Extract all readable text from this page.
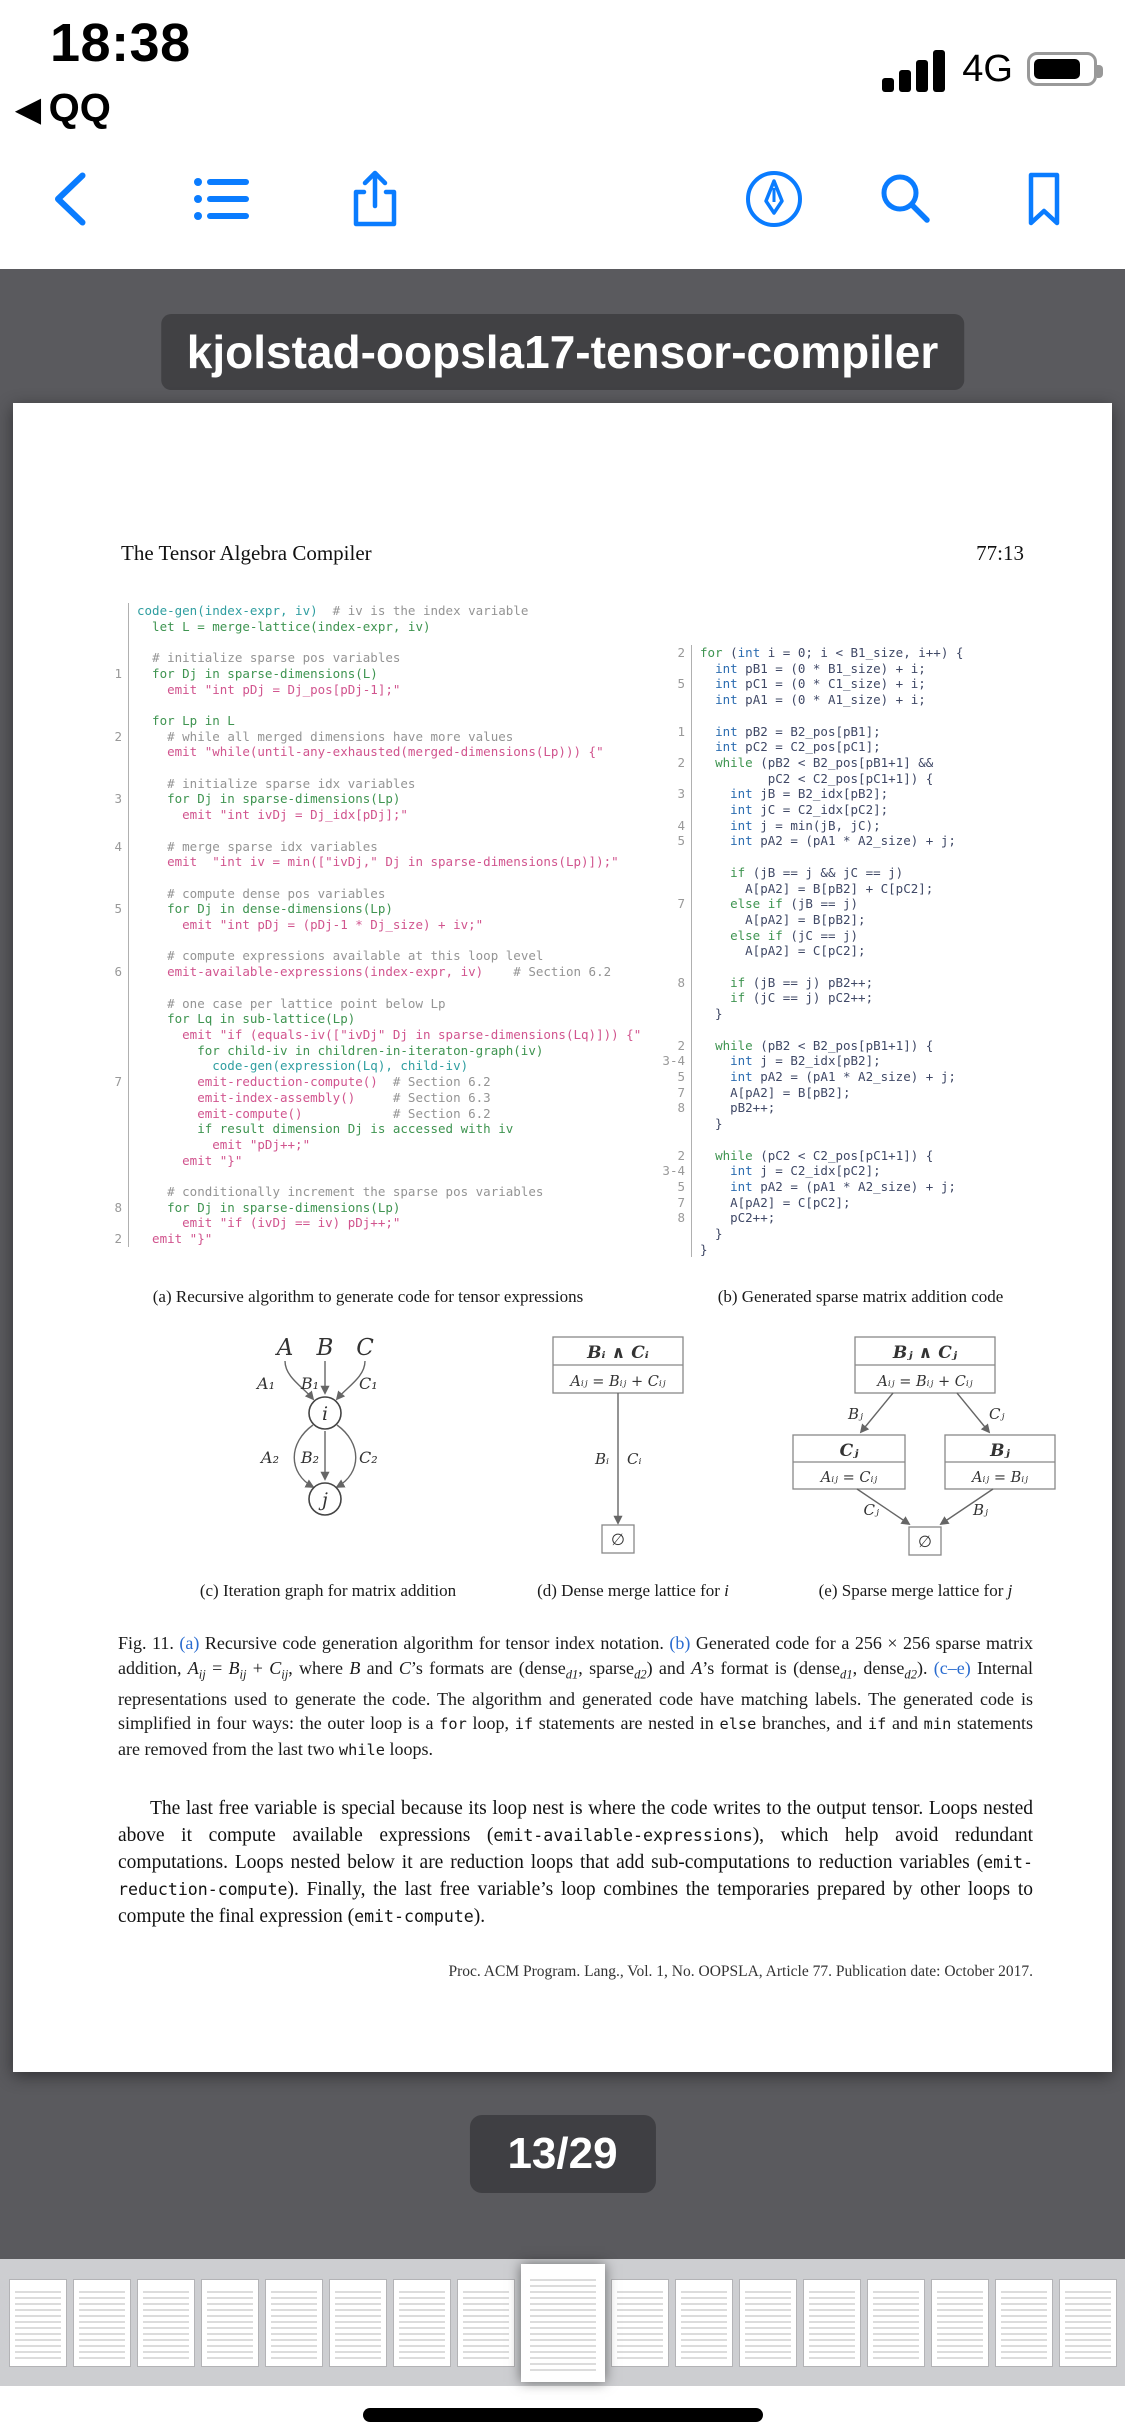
18:38
◀ QQ
4G
kjolstad-oopsla17-tensor-compiler
The Tensor Algebra Compiler	77:13
code-gen(index-expr, iv)  # iv is the index variable
let L = merge-lattice(index-expr, iv)

# initialize sparse pos variables
1	for Dj in sparse-dimensions(L)
emit "int pDj = Dj_pos[pDj-1];"

for Lp in L
2	# while all merged dimensions have more values
emit "while(until-any-exhausted(merged-dimensions(Lp))) {"

# initialize sparse idx variables
3	for Dj in sparse-dimensions(Lp)
emit "int ivDj = Dj_idx[pDj];"

4	# merge sparse idx variables
emit  "int iv = min(["ivDj," Dj in sparse-dimensions(Lp)]);"

# compute dense pos variables
5	for Dj in dense-dimensions(Lp)
emit "int pDj = (pDj-1 * Dj_size) + iv;"

# compute expressions available at this loop level
6	emit-available-expressions(index-expr, iv)    # Section 6.2

# one case per lattice point below Lp
for Lq in sub-lattice(Lp)
emit "if (equals-iv(["ivDj" Dj in sparse-dimensions(Lq)])) {"
for child-iv in children-in-iteraton-graph(iv)
code-gen(expression(Lq), child-iv)
7	emit-reduction-compute()  # Section 6.2
emit-index-assembly()     # Section 6.3
emit-compute()            # Section 6.2
if result dimension Dj is accessed with iv
emit "pDj++;"
emit "}"

# conditionally increment the sparse pos variables
8	for Dj in sparse-dimensions(Lp)
emit "if (ivDj == iv) pDj++;"
2	emit "}"
2	for (int i = 0; i < B1_size, i++) {
int pB1 = (0 * B1_size) + i;
5	int pC1 = (0 * C1_size) + i;
int pA1 = (0 * A1_size) + i;

1	int pB2 = B2_pos[pB1];
int pC2 = C2_pos[pC1];
2	while (pB2 < B2_pos[pB1+1] &&
pC2 < C2_pos[pC1+1]) {
3	int jB = B2_idx[pB2];
int jC = C2_idx[pC2];
4	int j = min(jB, jC);
5	int pA2 = (pA1 * A2_size) + j;

if (jB == j && jC == j)
A[pA2] = B[pB2] + C[pC2];
7	else if (jB == j)
A[pA2] = B[pB2];
else if (jC == j)
A[pA2] = C[pC2];

8	if (jB == j) pB2++;
if (jC == j) pC2++;
}

2	while (pB2 < B2_pos[pB1+1]) {
3-4	int j = B2_idx[pB2];
5	int pA2 = (pA1 * A2_size) + j;
7	A[pA2] = B[pB2];
8	pB2++;
}

2	while (pC2 < C2_pos[pC1+1]) {
3-4	int j = C2_idx[pC2];
5	int pA2 = (pA1 * A2_size) + j;
7	A[pA2] = C[pC2];
8	pC2++;
}
}
(a) Recursive algorithm to generate code for tensor expressions	(b) Generated sparse matrix addition code
A B C
A₁ B₁	C₁
i
A₂ B₂	C₂
j
Bᵢ ∧ Cᵢ
Aᵢⱼ = Bᵢⱼ + Cᵢⱼ
Bᵢ Cᵢ
∅
Bⱼ ∧ Cⱼ
Aᵢⱼ = Bᵢⱼ + Cᵢⱼ
Bⱼ	Cⱼ
Cⱼ
Aᵢⱼ = Cᵢⱼ
Bⱼ
Aᵢⱼ = Bᵢⱼ
Cⱼ	Bⱼ
∅
(c) Iteration graph for matrix addition	(d) Dense merge lattice for i	(e) Sparse merge lattice for j
Fig. 11. (a) Recursive code generation algorithm for tensor index notation. (b) Generated code for a 256 × 256 sparse matrix addition, $A_{ij} = B_{ij} + C_{ij}$, where B and C’s formats are (dense$_{d1}$, sparse$_{d2}$) and A’s format is (dense$_{d1}$, dense$_{d2}$). (c–e) Internal representations used to generate the code. The algorithm and generated code have matching labels. The generated code is simplified in four ways: the outer loop is a for loop, if statements are nested in else branches, and if and min statements are removed from the last two while loops.
The last free variable is special because its loop nest is where the code writes to the output tensor. Loops nested above it compute available expressions (emit-available-expressions), which help avoid redundant computations. Loops nested below it are reduction loops that add sub-computations to reduction variables (emit-reduction-compute). Finally, the last free variable’s loop combines the temporaries prepared by other loops to compute the final expression (emit-compute).
Proc. ACM Program. Lang., Vol. 1, No. OOPSLA, Article 77. Publication date: October 2017.
13/29
